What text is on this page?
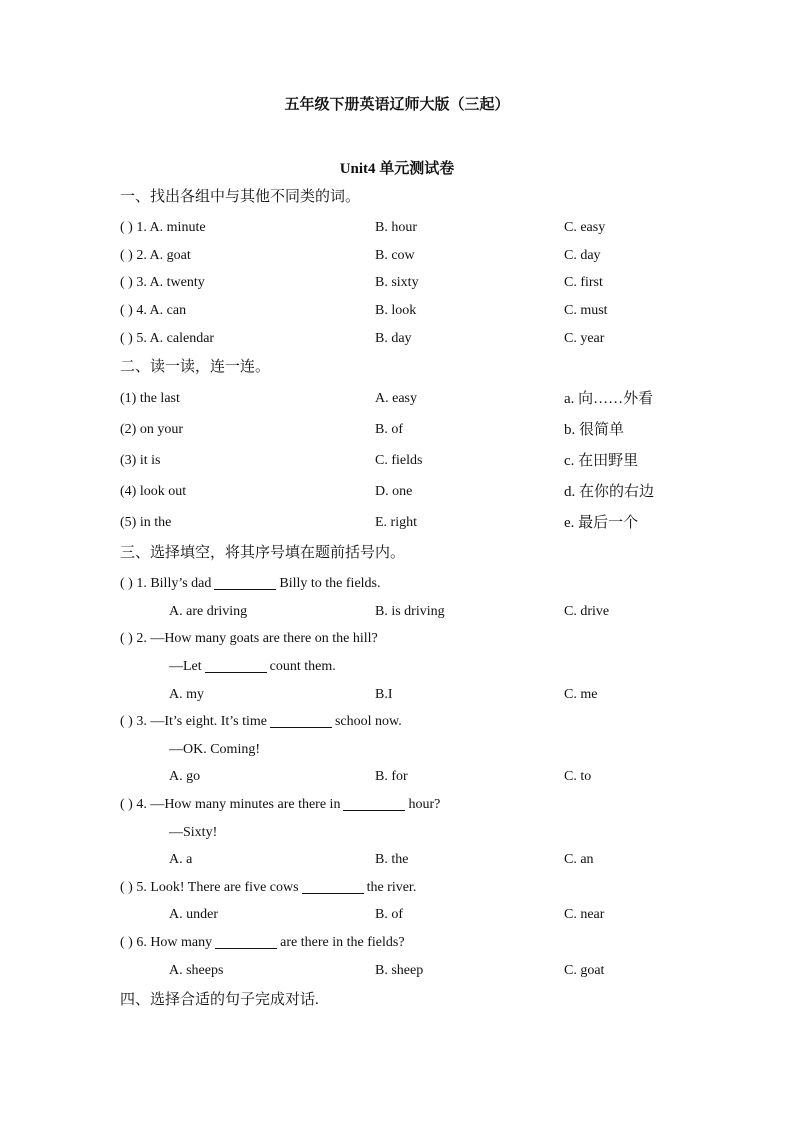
五年级下册英语辽师大版（三起）
Unit4 单元测试卷
一、找出各组中与其他不同类的词。
( ) 1. A. minute	B. hour	C. easy
( ) 2. A. goat	B. cow	C. day
( ) 3. A. twenty	B. sixty	C. first
( ) 4. A. can	B. look	C. must
( ) 5. A. calendar	B. day	C. year
二、读一读，连一连。
(1) the last	A. easy	a. 向……外看
(2) on your	B. of	b. 很简单
(3) it is	C. fields	c. 在田野里
(4) look out	D. one	d. 在你的右边
(5) in the	E. right	e. 最后一个
三、选择填空，将其序号填在题前括号内。
( ) 1. Billy’s dad	Billy to the fields.
A. are driving	B. is driving	C. drive
( ) 2. —How many goats are there on the hill?
—Let	count them.
A. my	B.I	C. me
( ) 3. —It’s eight. It’s time	school now.
—OK. Coming!
A. go	B. for	C. to
( ) 4. —How many minutes are there in	hour?
—Sixty!
A. a	B. the	C. an
( ) 5. Look! There are five cows	the river.
A. under	B. of	C. near
( ) 6. How many	are there in the fields?
A. sheeps	B. sheep	C. goat
四、选择合适的句子完成对话.
